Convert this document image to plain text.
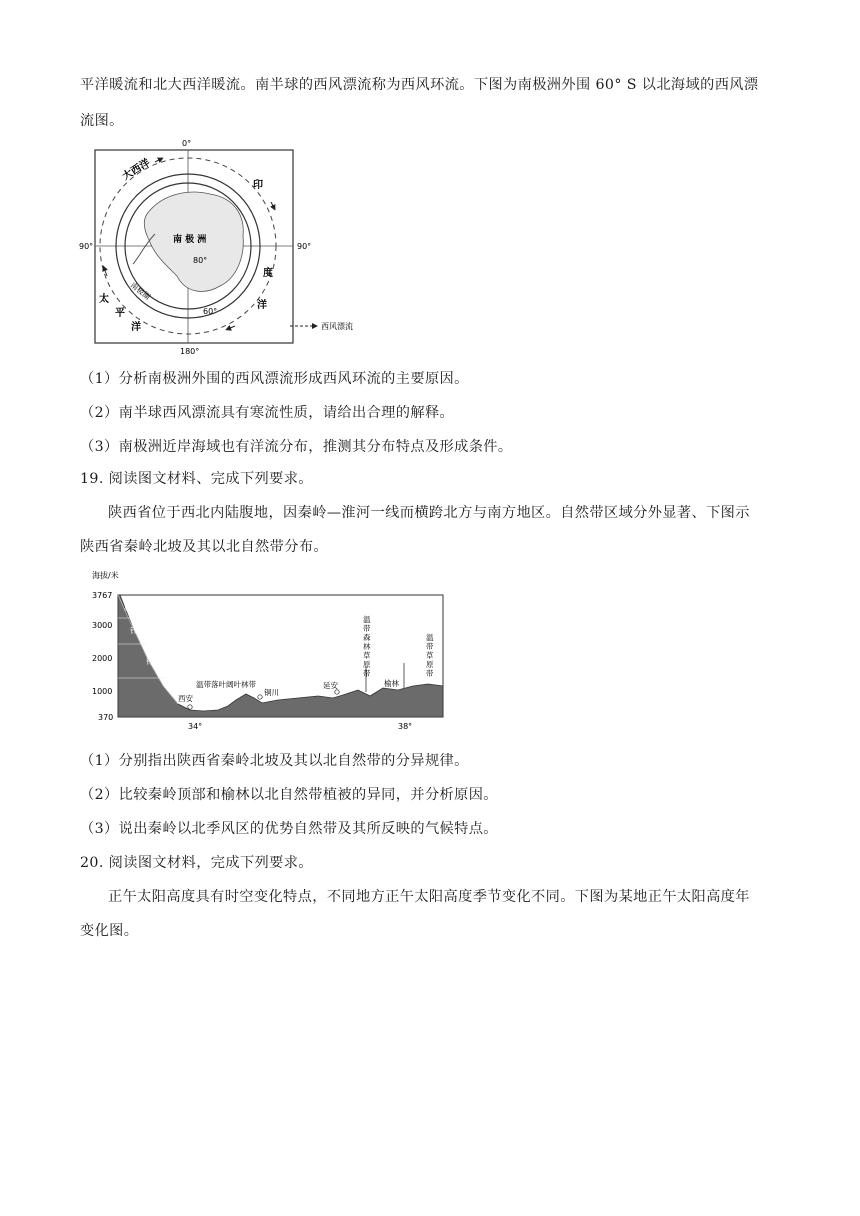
平洋暖流和北大西洋暖流。南半球的西风漂流称为西风环流。下图为南极洲外围 60° S 以北海域的西风漂
流图。
0°
90°	90°
180°
80°
60°
大西洋
印
度
洋
太
平
洋
南 极 洲
南极圈
西风漂流
（1）分析南极洲外围的西风漂流形成西风环流的主要原因。
（2）南半球西风漂流具有寒流性质，请给出合理的解释。
（3）南极洲近岸海域也有洋流分布，推测其分布特点及形成条件。
19. 阅读图文材料、完成下列要求。
陕西省位于西北内陆腹地，因秦岭—淮河一线而横跨北方与南方地区。自然带区域分外显著、下图示
陕西省秦岭北坡及其以北自然带分布。
海拔/米
3767
3000
2000
1000
370
34°	38°
温丛草甸带
针叶林带
针叶阔叶混交林带
温带落叶阔叶林带
温
带
森
林
草
原
带
温
带
草
原
带
西安
铜川
延安	榆林
（1）分别指出陕西省秦岭北坡及其以北自然带的分异规律。
（2）比较秦岭顶部和榆林以北自然带植被的异同，并分析原因。
（3）说出秦岭以北季风区的优势自然带及其所反映的气候特点。
20. 阅读图文材料，完成下列要求。
正午太阳高度具有时空变化特点，不同地方正午太阳高度季节变化不同。下图为某地正午太阳高度年
变化图。
